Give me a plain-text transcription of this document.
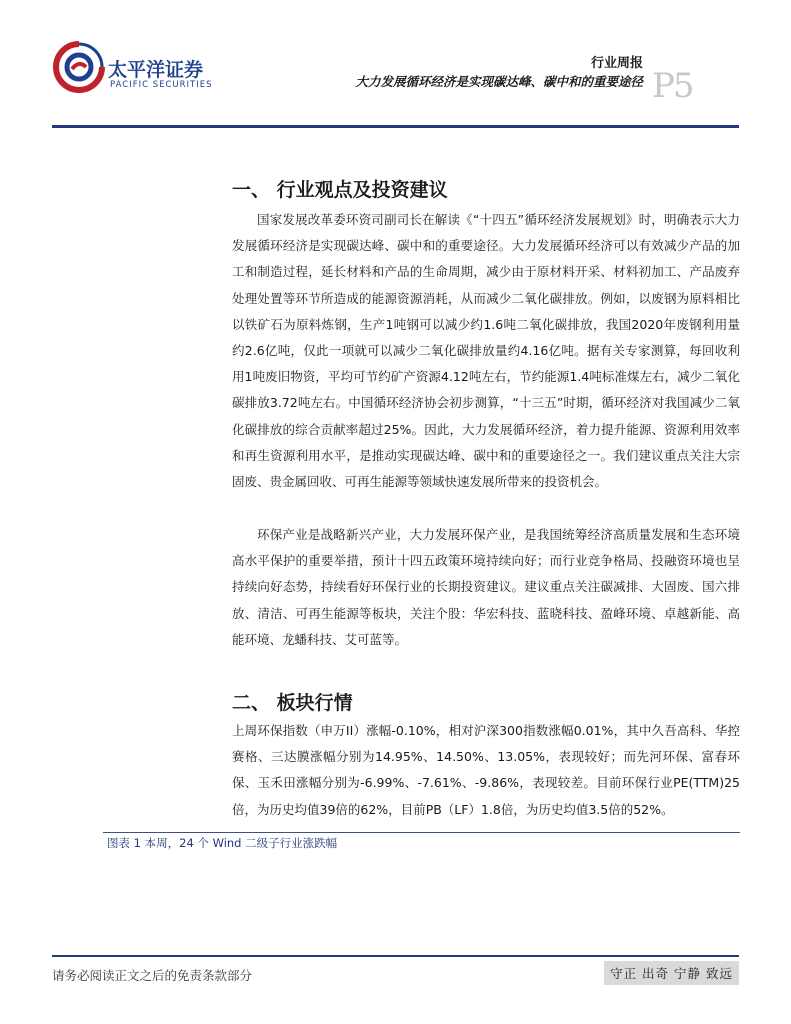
太平洋证券
PACIFIC SECURITIES
行业周报
大力发展循环经济是实现碳达峰、碳中和的重要途径 P5
一、 行业观点及投资建议

国家发展改革委环资司副司长在解读《“十四五”循环经济发展规划》时，明确表示大力发展循环经济是实现碳达峰、碳中和的重要途径。大力发展循环经济可以有效减少产品的加工和制造过程，延长材料和产品的生命周期，减少由于原材料开采、材料初加工、产品废弃处理处置等环节所造成的能源资源消耗，从而减少二氧化碳排放。例如，以废钢为原料相比以铁矿石为原料炼钢，生产1吨钢可以减少约1.6吨二氧化碳排放，我国2020年废钢利用量约2.6亿吨，仅此一项就可以减少二氧化碳排放量约4.16亿吨。据有关专家测算，每回收利用1吨废旧物资，平均可节约矿产资源4.12吨左右，节约能源1.4吨标准煤左右，减少二氧化碳排放3.72吨左右。中国循环经济协会初步测算，“十三五”时期，循环经济对我国减少二氧化碳排放的综合贡献率超过25%。因此，大力发展循环经济，着力提升能源、资源利用效率和再生资源利用水平，是推动实现碳达峰、碳中和的重要途径之一。我们建议重点关注大宗固废、贵金属回收、可再生能源等领域快速发展所带来的投资机会。

环保产业是战略新兴产业，大力发展环保产业，是我国统筹经济高质量发展和生态环境高水平保护的重要举措，预计十四五政策环境持续向好；而行业竞争格局、投融资环境也呈持续向好态势，持续看好环保行业的长期投资建议。建议重点关注碳减排、大固废、国六排放、清洁、可再生能源等板块，关注个股：华宏科技、蓝晓科技、盈峰环境、卓越新能、高能环境、龙蟠科技、艾可蓝等。

二、 板块行情

上周环保指数（申万II）涨幅-0.10%，相对沪深300指数涨幅0.01%，其中久吾高科、华控赛格、三达膜涨幅分别为14.95%、14.50%、13.05%，表现较好；而先河环保、富春环保、玉禾田涨幅分别为-6.99%、-7.61%、-9.86%，表现较差。目前环保行业PE(TTM)25倍，为历史均值39倍的62%，目前PB（LF）1.8倍，为历史均值3.5倍的52%。

图表 1 本周，24 个 Wind 二级子行业涨跌幅
请务必阅读正文之后的免责条款部分	守正 出奇 宁静 致远
